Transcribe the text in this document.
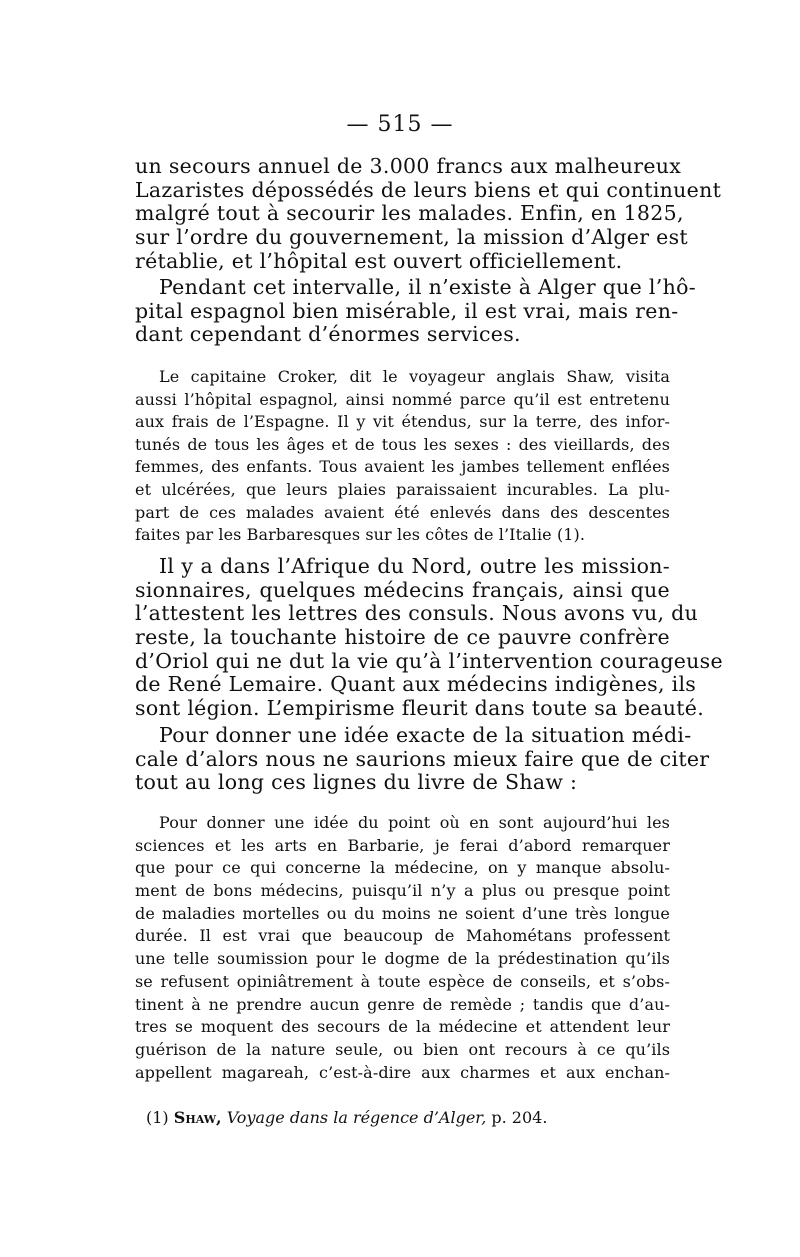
— 515 —
un secours annuel de 3.000 francs aux malheureux
Lazaristes dépossédés de leurs biens et qui continuent
malgré tout à secourir les malades. Enfin, en 1825,
sur l’ordre du gouvernement, la mission d’Alger est
rétablie, et l’hôpital est ouvert officiellement.
Pendant cet intervalle, il n’existe à Alger que l’hô-
pital espagnol bien misérable, il est vrai, mais ren-
dant cependant d’énormes services.
Le capitaine Croker, dit le voyageur anglais Shaw, visita
aussi l’hôpital espagnol, ainsi nommé parce qu’il est entretenu
aux frais de l’Espagne. Il y vit étendus, sur la terre, des infor-
tunés de tous les âges et de tous les sexes : des vieillards, des
femmes, des enfants. Tous avaient les jambes tellement enflées
et ulcérées, que leurs plaies paraissaient incurables. La plu-
part de ces malades avaient été enlevés dans des descentes
faites par les Barbaresques sur les côtes de l’Italie (1).
Il y a dans l’Afrique du Nord, outre les mission-
sionnaires, quelques médecins français, ainsi que
l’attestent les lettres des consuls. Nous avons vu, du
reste, la touchante histoire de ce pauvre confrère
d’Oriol qui ne dut la vie qu’à l’intervention courageuse
de René Lemaire. Quant aux médecins indigènes, ils
sont légion. L’empirisme fleurit dans toute sa beauté.
Pour donner une idée exacte de la situation médi-
cale d’alors nous ne saurions mieux faire que de citer
tout au long ces lignes du livre de Shaw :
Pour donner une idée du point où en sont aujourd’hui les
sciences et les arts en Barbarie, je ferai d’abord remarquer
que pour ce qui concerne la médecine, on y manque absolu-
ment de bons médecins, puisqu’il n’y a plus ou presque point
de maladies mortelles ou du moins ne soient d’une très longue
durée. Il est vrai que beaucoup de Mahométans professent
une telle soumission pour le dogme de la prédestination qu’ils
se refusent opiniâtrement à toute espèce de conseils, et s’obs-
tinent à ne prendre aucun genre de remède ; tandis que d’au-
tres se moquent des secours de la médecine et attendent leur
guérison de la nature seule, ou bien ont recours à ce qu’ils
appellent magareah, c’est-à-dire aux charmes et aux enchan-
(1) Shaw, Voyage dans la régence d’Alger, p. 204.
